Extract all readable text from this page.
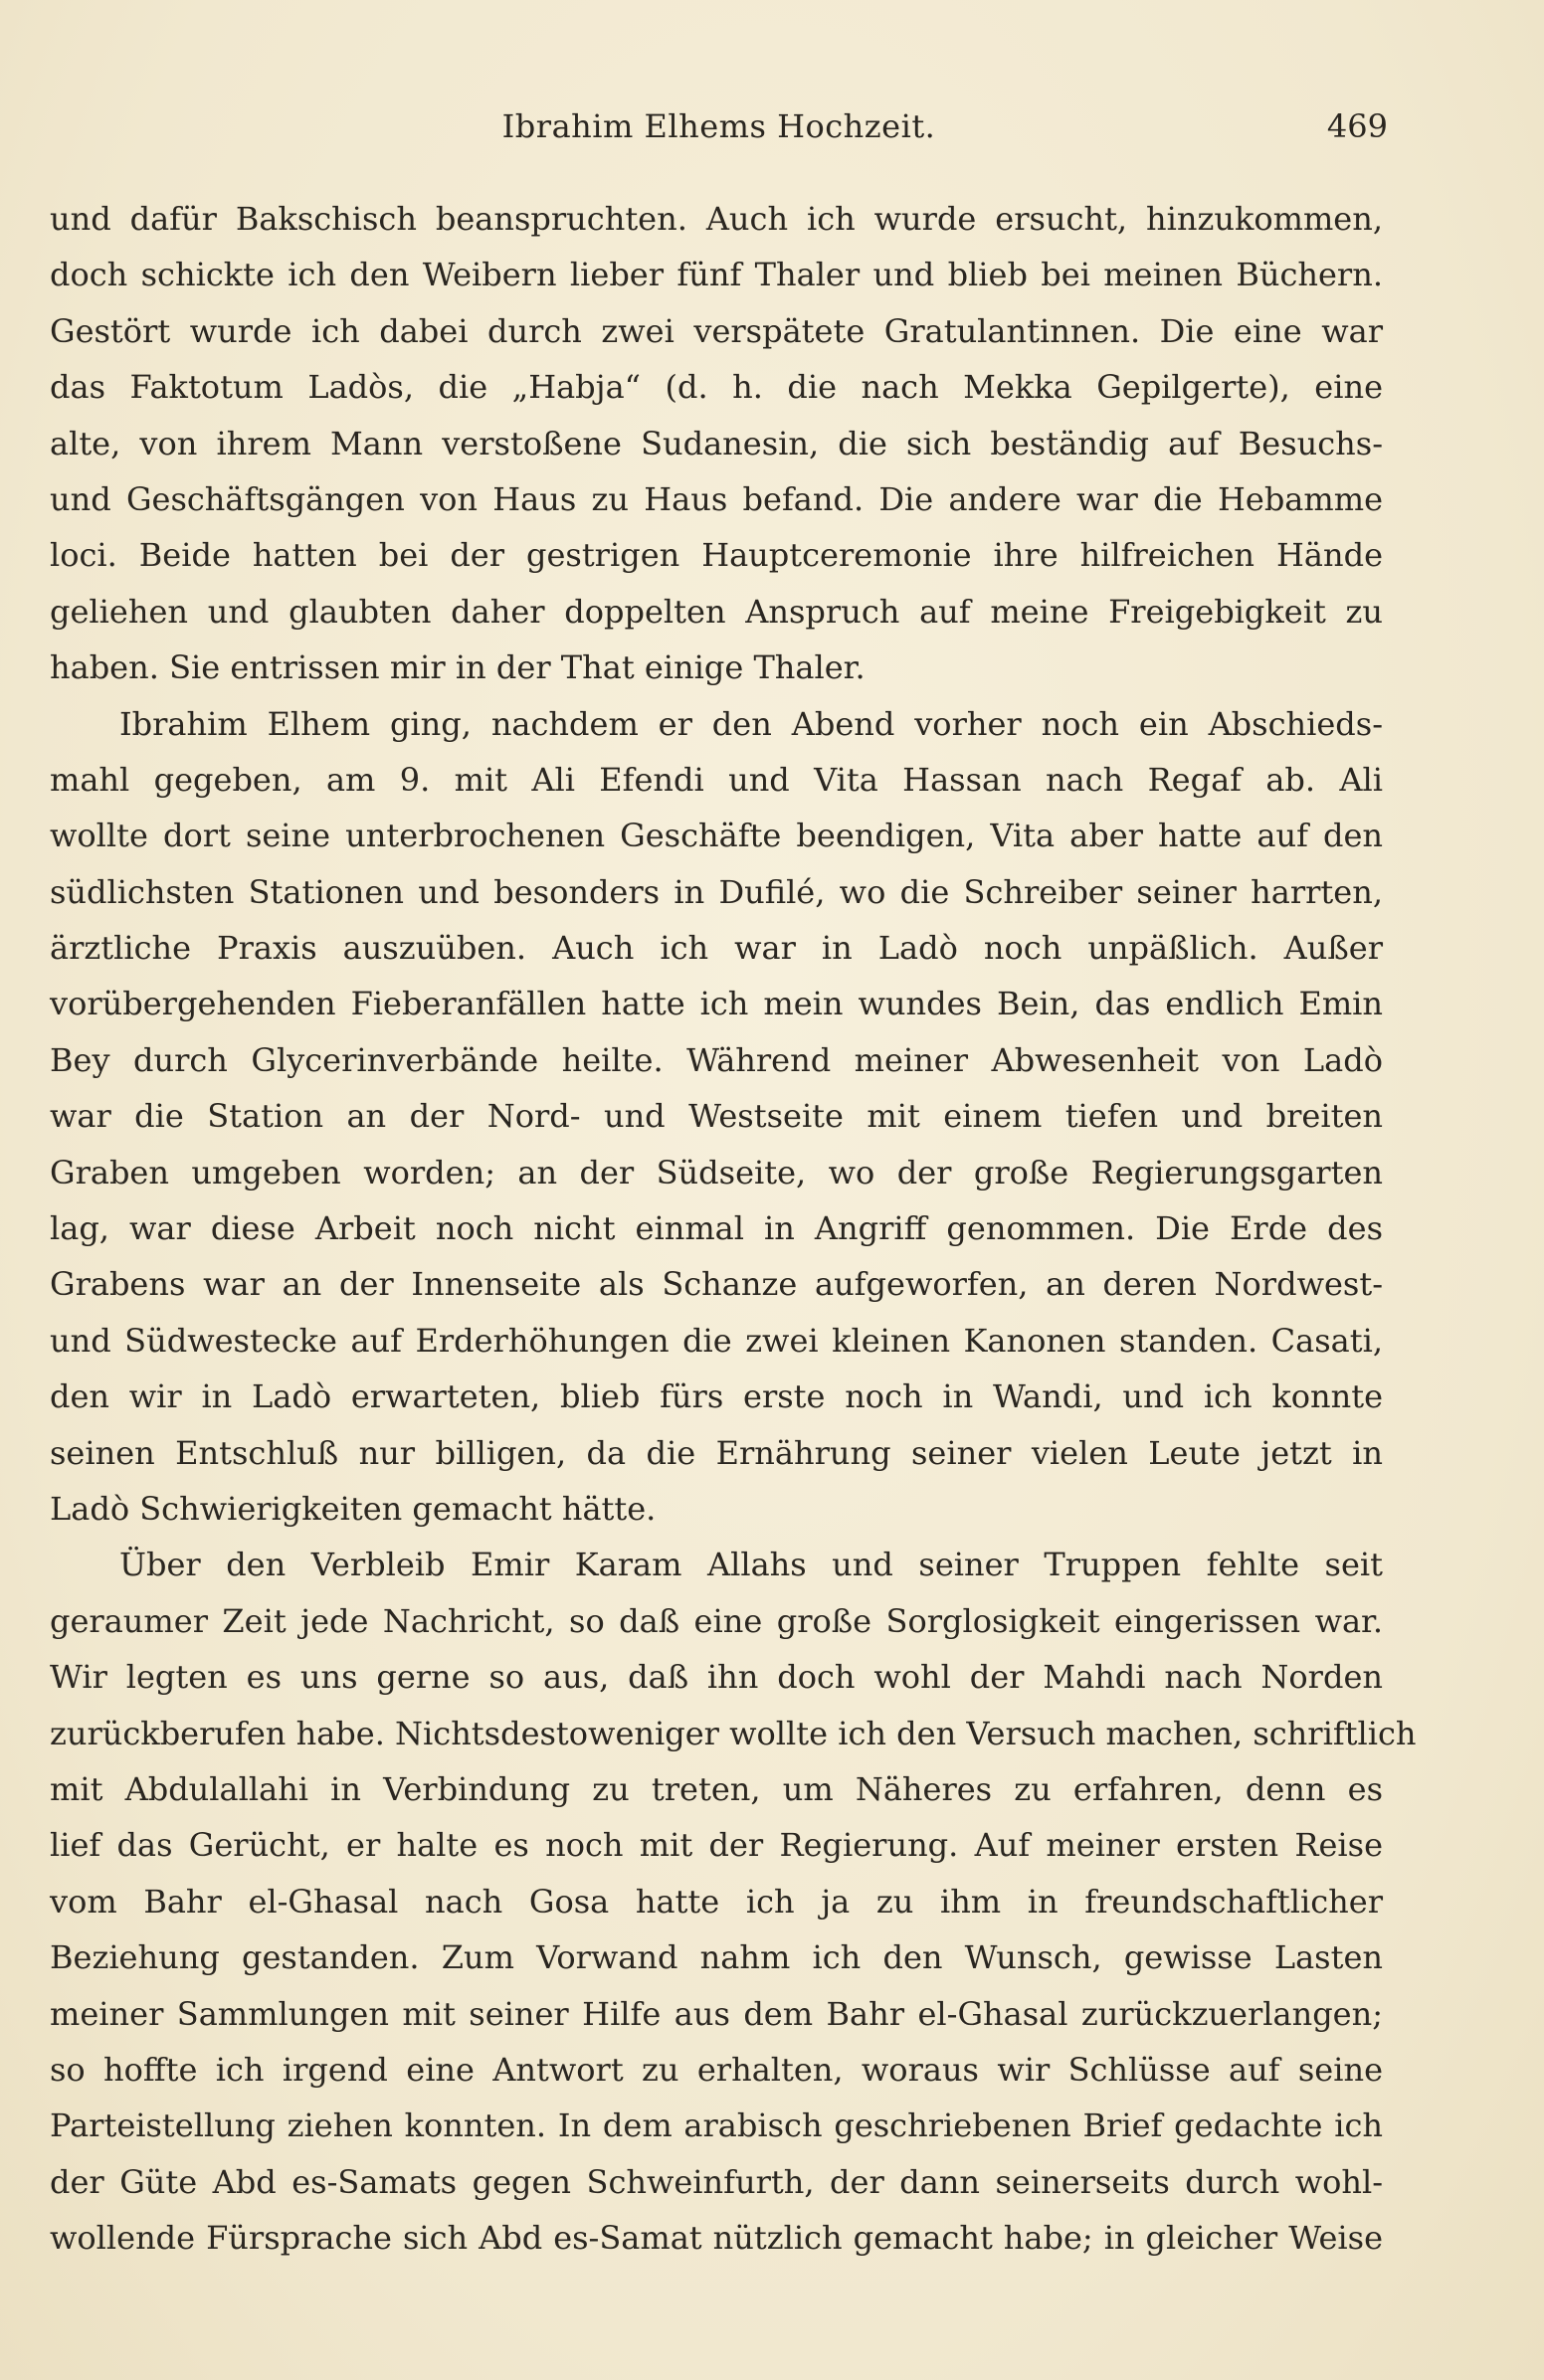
Ibrahim Elhems Hochzeit.	469
und dafür Bakschisch beanspruchten. Auch ich wurde ersucht, hinzukommen,
doch schickte ich den Weibern lieber fünf Thaler und blieb bei meinen Büchern.
Gestört wurde ich dabei durch zwei verspätete Gratulantinnen. Die eine war
das Faktotum Ladòs, die „Habja“ (d. h. die nach Mekka Gepilgerte), eine
alte, von ihrem Mann verstoßene Sudanesin, die sich beständig auf Besuchs-
und Geschäftsgängen von Haus zu Haus befand. Die andere war die Hebamme
loci. Beide hatten bei der gestrigen Hauptceremonie ihre hilfreichen Hände
geliehen und glaubten daher doppelten Anspruch auf meine Freigebigkeit zu
haben. Sie entrissen mir in der That einige Thaler.
Ibrahim Elhem ging, nachdem er den Abend vorher noch ein Abschieds-
mahl gegeben, am 9. mit Ali Efendi und Vita Hassan nach Regaf ab. Ali
wollte dort seine unterbrochenen Geschäfte beendigen, Vita aber hatte auf den
südlichsten Stationen und besonders in Dufilé, wo die Schreiber seiner harrten,
ärztliche Praxis auszuüben. Auch ich war in Ladò noch unpäßlich. Außer
vorübergehenden Fieberanfällen hatte ich mein wundes Bein, das endlich Emin
Bey durch Glycerinverbände heilte. Während meiner Abwesenheit von Ladò
war die Station an der Nord- und Westseite mit einem tiefen und breiten
Graben umgeben worden; an der Südseite, wo der große Regierungsgarten
lag, war diese Arbeit noch nicht einmal in Angriff genommen. Die Erde des
Grabens war an der Innenseite als Schanze aufgeworfen, an deren Nordwest-
und Südwestecke auf Erderhöhungen die zwei kleinen Kanonen standen. Casati,
den wir in Ladò erwarteten, blieb fürs erste noch in Wandi, und ich konnte
seinen Entschluß nur billigen, da die Ernährung seiner vielen Leute jetzt in
Ladò Schwierigkeiten gemacht hätte.
Über den Verbleib Emir Karam Allahs und seiner Truppen fehlte seit
geraumer Zeit jede Nachricht, so daß eine große Sorglosigkeit eingerissen war.
Wir legten es uns gerne so aus, daß ihn doch wohl der Mahdi nach Norden
zurückberufen habe. Nichtsdestoweniger wollte ich den Versuch machen, schriftlich
mit Abdulallahi in Verbindung zu treten, um Näheres zu erfahren, denn es
lief das Gerücht, er halte es noch mit der Regierung. Auf meiner ersten Reise
vom Bahr el-Ghasal nach Gosa hatte ich ja zu ihm in freundschaftlicher
Beziehung gestanden. Zum Vorwand nahm ich den Wunsch, gewisse Lasten
meiner Sammlungen mit seiner Hilfe aus dem Bahr el-Ghasal zurückzuerlangen;
so hoffte ich irgend eine Antwort zu erhalten, woraus wir Schlüsse auf seine
Parteistellung ziehen konnten. In dem arabisch geschriebenen Brief gedachte ich
der Güte Abd es-Samats gegen Schweinfurth, der dann seinerseits durch wohl-
wollende Fürsprache sich Abd es-Samat nützlich gemacht habe; in gleicher Weise
